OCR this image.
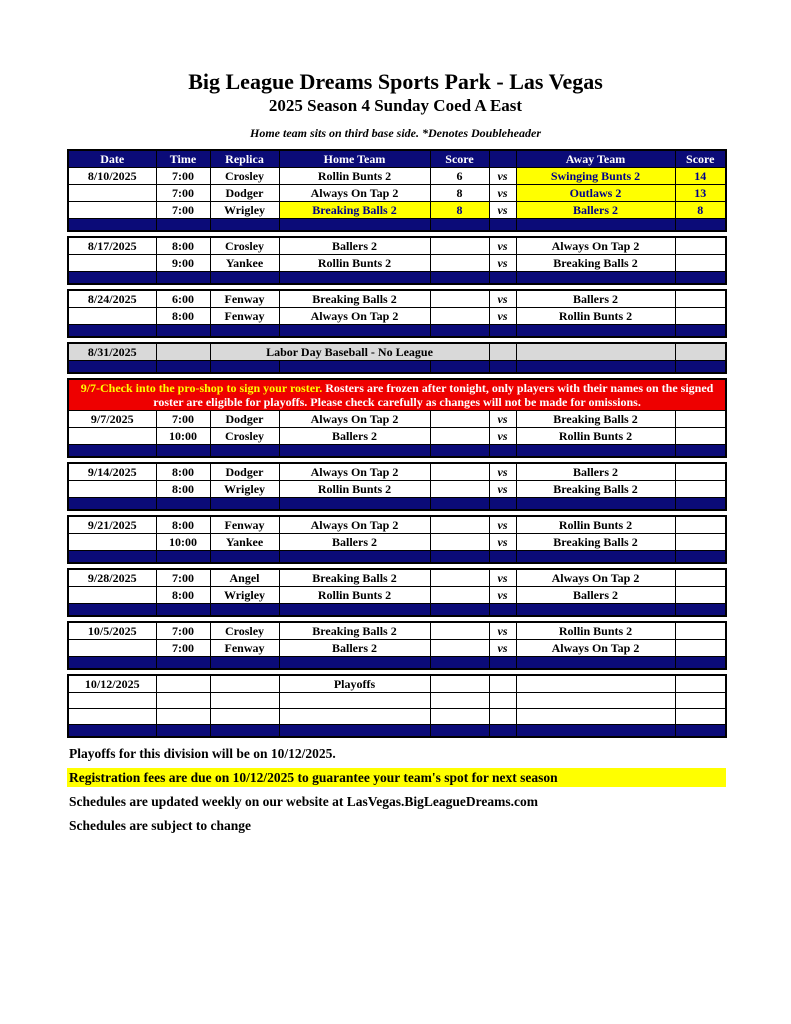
Big League Dreams Sports Park - Las Vegas
2025 Season 4 Sunday Coed A East
Home team sits on third base side. *Denotes Doubleheader
Date	Time	Replica	Home Team	Score		Away Team	Score
8/10/2025	7:00	Crosley	Rollin Bunts 2	6	vs	Swinging Bunts 2	14
	7:00	Dodger	Always On Tap 2	8	vs	Outlaws 2	13
	7:00	Wrigley	Breaking Balls 2	8	vs	Ballers 2	8

8/17/2025	8:00	Crosley	Ballers 2		vs	Always On Tap 2	
	9:00	Yankee	Rollin Bunts 2		vs	Breaking Balls 2	

8/24/2025	6:00	Fenway	Breaking Balls 2		vs	Ballers 2	
	8:00	Fenway	Always On Tap 2		vs	Rollin Bunts 2	

8/31/2025		Labor Day Baseball - No League					

9/7-Check into the pro-shop to sign your roster. Rosters are frozen after tonight, only players with their names on the signed roster are eligible for playoffs. Please check carefully as changes will not be made for omissions.							
9/7/2025	7:00	Dodger	Always On Tap 2		vs	Breaking Balls 2	
	10:00	Crosley	Ballers 2		vs	Rollin Bunts 2	

9/14/2025	8:00	Dodger	Always On Tap 2		vs	Ballers 2	
	8:00	Wrigley	Rollin Bunts 2		vs	Breaking Balls 2	

9/21/2025	8:00	Fenway	Always On Tap 2		vs	Rollin Bunts 2	
	10:00	Yankee	Ballers 2		vs	Breaking Balls 2	

9/28/2025	7:00	Angel	Breaking Balls 2		vs	Always On Tap 2	
	8:00	Wrigley	Rollin Bunts 2		vs	Ballers 2	

10/5/2025	7:00	Crosley	Breaking Balls 2		vs	Rollin Bunts 2	
	7:00	Fenway	Ballers 2		vs	Always On Tap 2	

10/12/2025			Playoffs				

Playoffs for this division will be on 10/12/2025.
Registration fees are due on 10/12/2025 to guarantee your team's spot for next season
Schedules are updated weekly on our website at LasVegas.BigLeagueDreams.com
Schedules are subject to change
